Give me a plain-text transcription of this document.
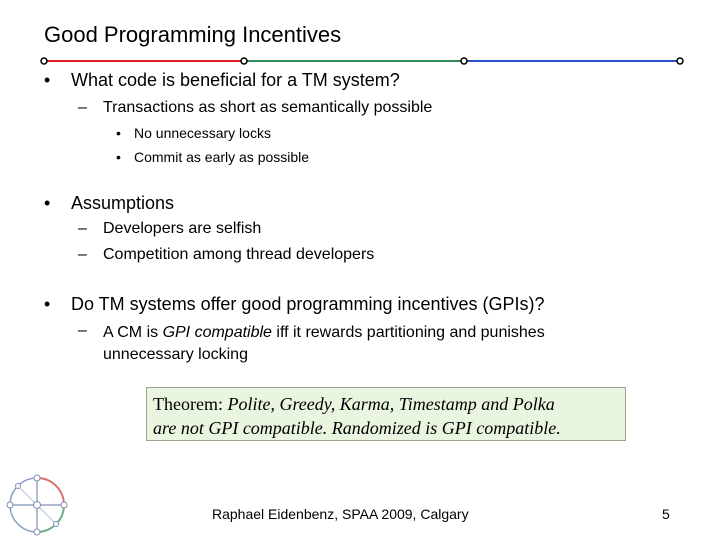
Good Programming Incentives
• What code is beneficial for a TM system?
– Transactions as short as semantically possible
• No unnecessary locks
• Commit as early as possible
• Assumptions
– Developers are selfish
– Competition among thread developers
• Do TM systems offer good programming incentives (GPIs)?
– A CM is GPI compatible iff it rewards partitioning and punishes
unnecessary locking
Theorem: Polite, Greedy, Karma, Timestamp and Polka
are not GPI compatible. Randomized is GPI compatible.
Raphael Eidenbenz, SPAA 2009, Calgary	5
